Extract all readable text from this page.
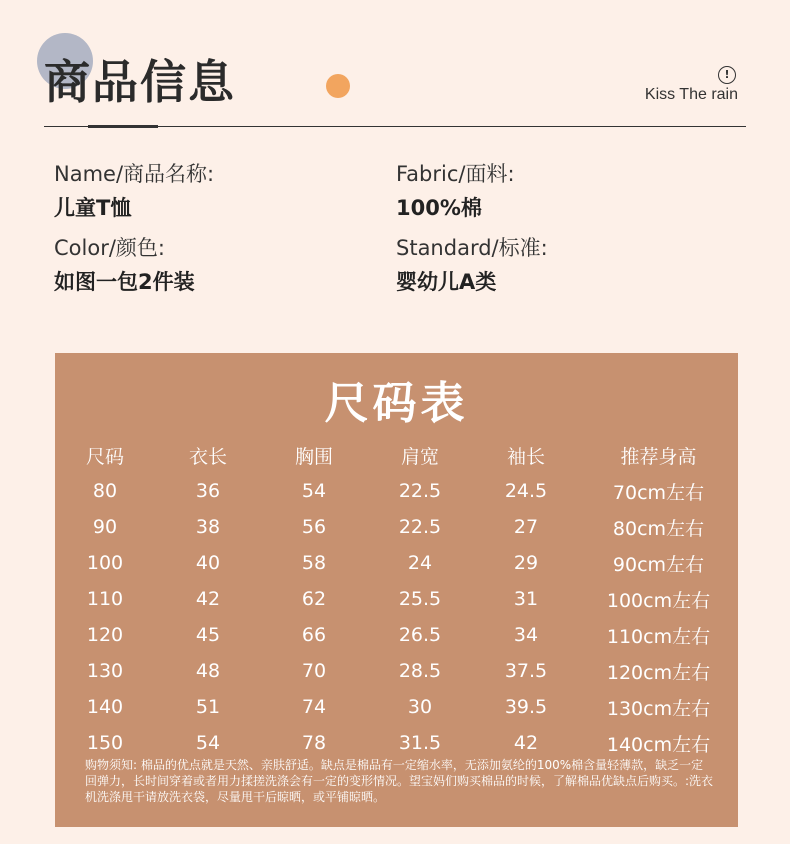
商品信息	!
Kiss The rain
Name/商品名称:
儿童T恤
Fabric/面料:
100%棉
Color/颜色:
如图一包2件装
Standard/标准:
婴幼儿A类
尺码表
尺码	衣长	胸围	肩宽	袖长	推荐身高
80	36	54	22.5	24.5	70cm左右
90	38	56	22.5	27	80cm左右
100	40	58	24	29	90cm左右
110	42	62	25.5	31	100cm左右
120	45	66	26.5	34	110cm左右
130	48	70	28.5	37.5	120cm左右
140	51	74	30	39.5	130cm左右
150	54	78	31.5	42	140cm左右
购物须知: 棉品的优点就是天然、亲肤舒适。缺点是棉品有一定缩水率，无添加氨纶的100%棉含量轻薄款，缺乏一定回弹力，长时间穿着或者用力揉搓洗涤会有一定的变形情况。望宝妈们购买棉品的时候，了解棉品优缺点后购买。:洗衣机洗涤甩干请放洗衣袋，尽量甩干后晾晒，或平铺晾晒。
